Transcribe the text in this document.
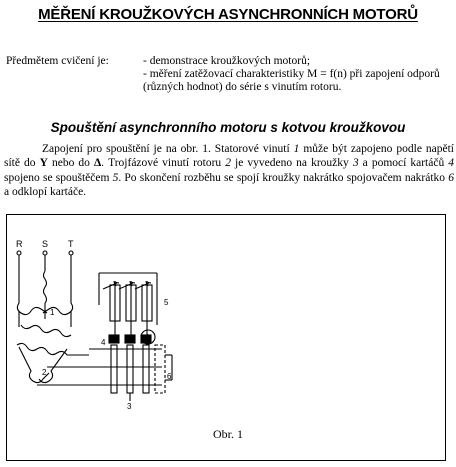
MĚŘENÍ KROUŽKOVÝCH ASYNCHRONNÍCH MOTORŮ
Předmětem cvičení je:	- demonstrace kroužkových motorů;
- měření zatěžovací charakteristiky M = f(n) při zapojení odporů
(různých hodnot) do série s vinutím rotoru.
Spouštění asynchronního motoru s kotvou kroužkovou
Zapojení pro spouštění je na obr. 1. Statorové vinutí 1 může být zapojeno podle napětí sítě do Y nebo do Δ. Trojfázové vinutí rotoru 2 je vyvedeno na kroužky 3 a pomocí kartáčů 4 spojeno se spouštěčem 5. Po skončení rozběhu se spojí kroužky nakrátko spojovačem nakrátko 6 a odklopí kartáče.
R S T
1
2
3
4
6
5
A
Obr. 1
